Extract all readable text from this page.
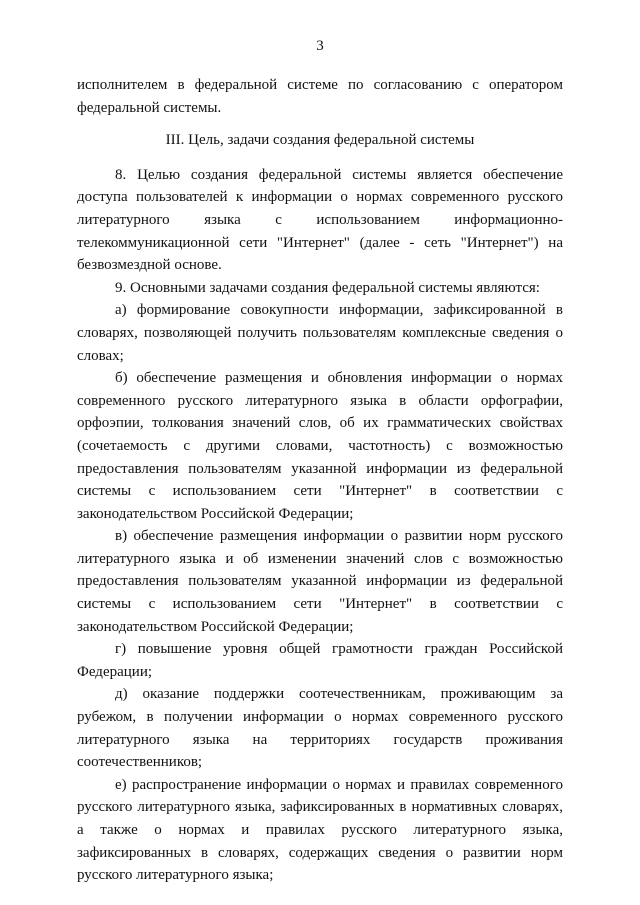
3

исполнителем в федеральной системе по согласованию с оператором федеральной системы.

III. Цель, задачи создания федеральной системы

8. Целью создания федеральной системы является обеспечение доступа пользователей к информации о нормах современного русского литературного языка с использованием информационно-телекоммуникационной сети "Интернет" (далее - сеть "Интернет") на безвозмездной основе.

9. Основными задачами создания федеральной системы являются:

а) формирование совокупности информации, зафиксированной в словарях, позволяющей получить пользователям комплексные сведения о словах;

б) обеспечение размещения и обновления информации о нормах современного русского литературного языка в области орфографии, орфоэпии, толкования значений слов, об их грамматических свойствах (сочетаемость с другими словами, частотность) с возможностью предоставления пользователям указанной информации из федеральной системы с использованием сети "Интернет" в соответствии с законодательством Российской Федерации;

в) обеспечение размещения информации о развитии норм русского литературного языка и об изменении значений слов с возможностью предоставления пользователям указанной информации из федеральной системы с использованием сети "Интернет" в соответствии с законодательством Российской Федерации;

г) повышение уровня общей грамотности граждан Российской Федерации;

д) оказание поддержки соотечественникам, проживающим за рубежом, в получении информации о нормах современного русского литературного языка на территориях государств проживания соотечественников;

е) распространение информации о нормах и правилах современного русского литературного языка, зафиксированных в нормативных словарях, а также о нормах и правилах русского литературного языка, зафиксированных в словарях, содержащих сведения о развитии норм русского литературного языка;
